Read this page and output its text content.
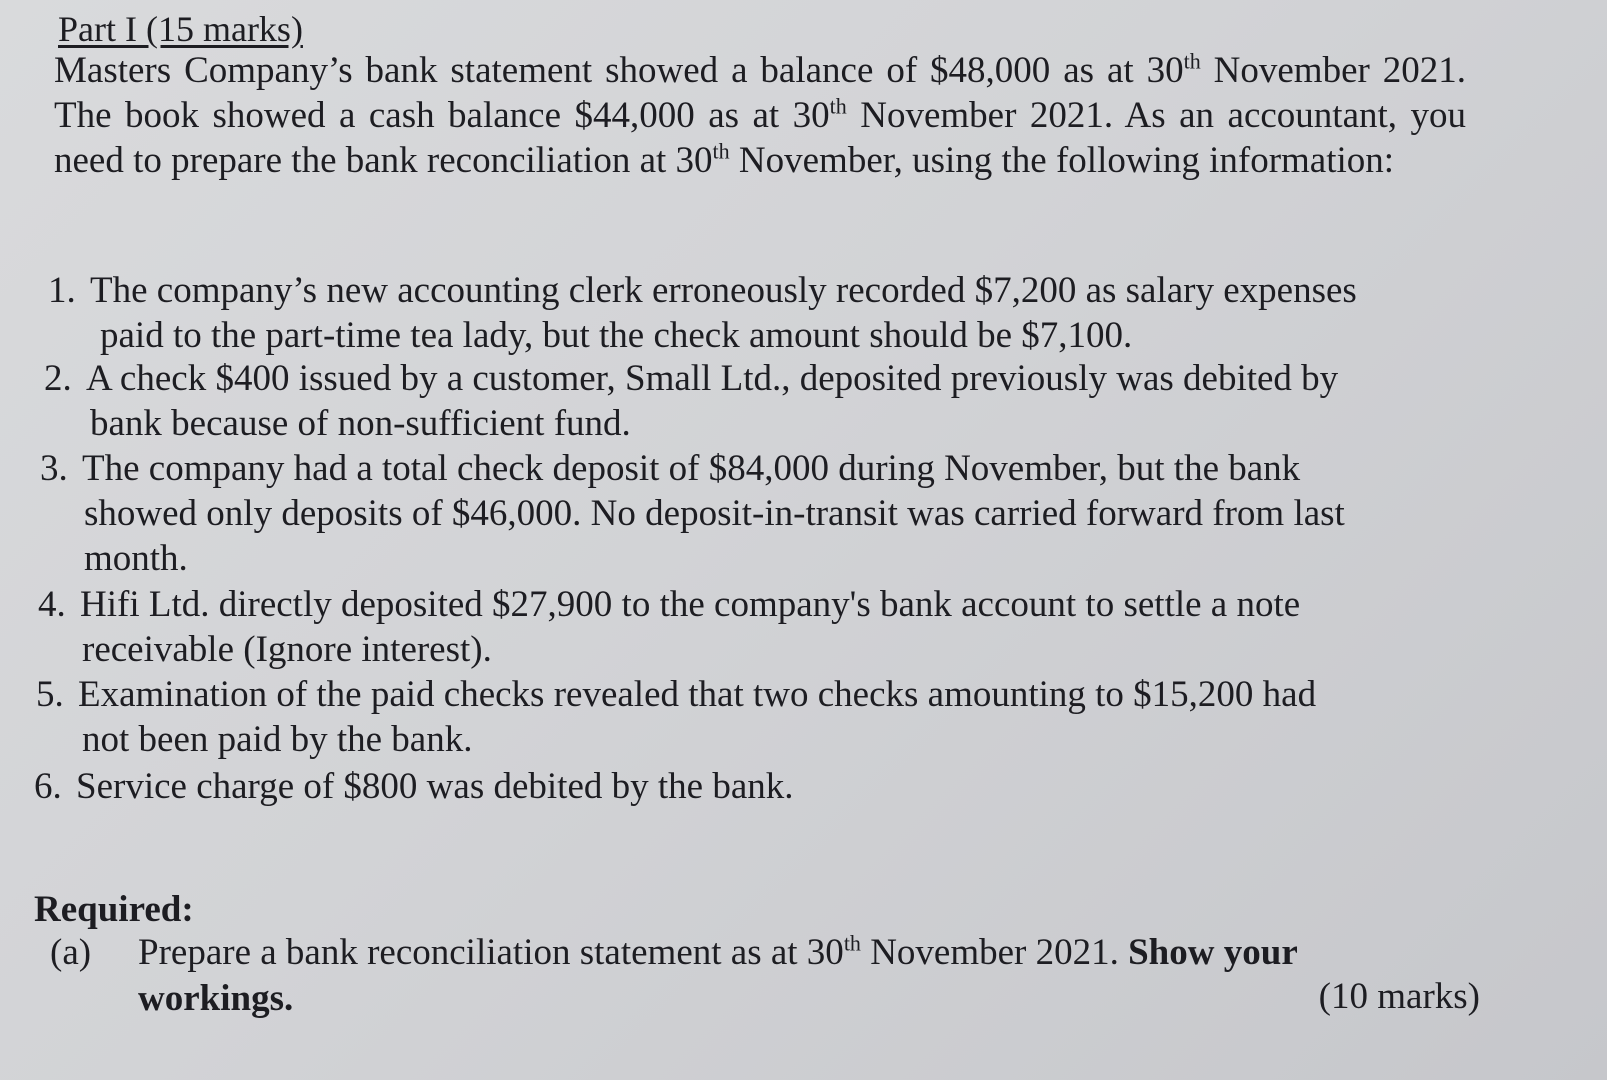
Part I (15 marks)
Masters Company’s bank statement showed a balance of $48,000 as at 30th November 2021. The book showed a cash balance $44,000 as at 30th November 2021. As an accountant, you need to prepare the bank reconciliation at 30th November, using the following information:
1. The company’s new accounting clerk erroneously recorded $7,200 as salary expenses
paid to the part-time tea lady, but the check amount should be $7,100.
2. A check $400 issued by a customer, Small Ltd., deposited previously was debited by
bank because of non-sufficient fund.
3. The company had a total check deposit of $84,000 during November, but the bank
showed only deposits of $46,000. No deposit-in-transit was carried forward from last
month.
4. Hifi Ltd. directly deposited $27,900 to the company's bank account to settle a note
receivable (Ignore interest).
5. Examination of the paid checks revealed that two checks amounting to $15,200 had
not been paid by the bank.
6. Service charge of $800 was debited by the bank.
Required:
(a) Prepare a bank reconciliation statement as at 30th November 2021. Show your
workings.	(10 marks)
